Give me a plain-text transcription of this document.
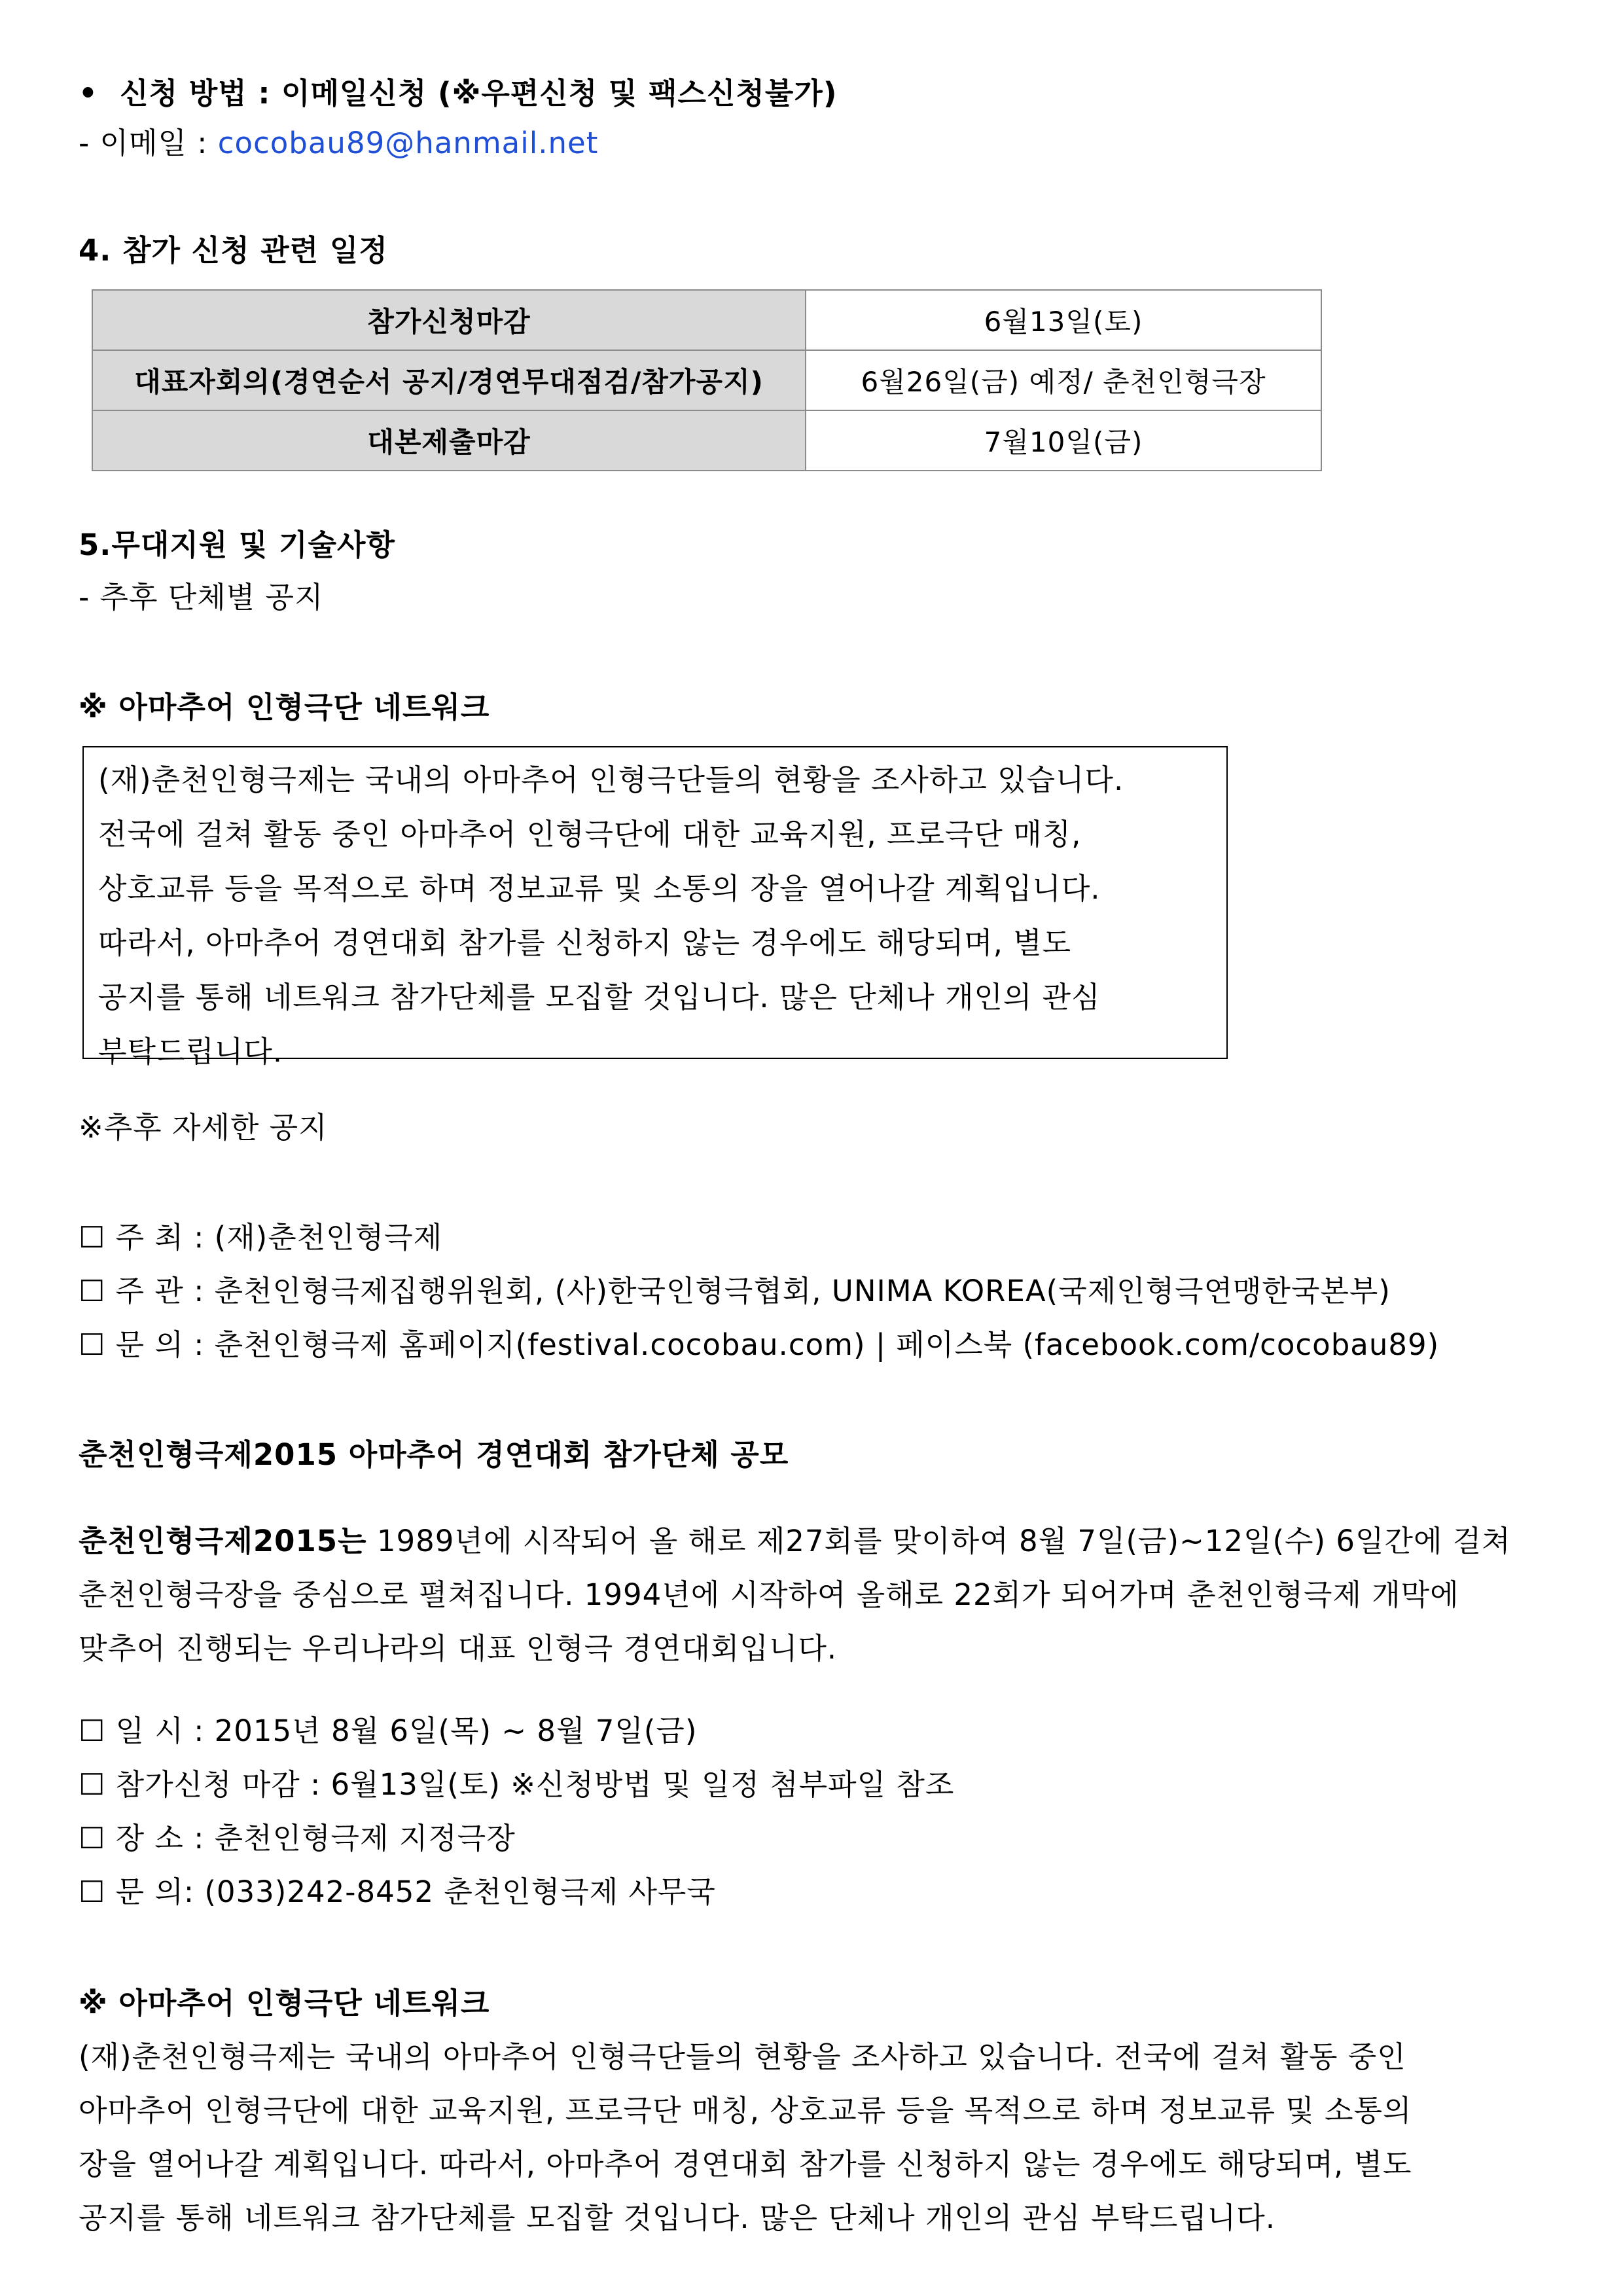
• 신청 방법 : 이메일신청 (※우편신청 및 팩스신청불가)
- 이메일 : cocobau89@hanmail.net
4. 참가 신청 관련 일정
참가신청마감	6월13일(토)
대표자회의(경연순서 공지/경연무대점검/참가공지)	6월26일(금) 예정/ 춘천인형극장
대본제출마감	7월10일(금)
5.무대지원 및 기술사항
- 추후 단체별 공지
※ 아마추어 인형극단 네트워크

(재)춘천인형극제는 국내의 아마추어 인형극단들의 현황을 조사하고 있습니다.

전국에 걸쳐 활동 중인 아마추어 인형극단에 대한 교육지원, 프로극단 매칭,

상호교류 등을 목적으로 하며 정보교류 및 소통의 장을 열어나갈 계획입니다.

따라서, 아마추어 경연대회 참가를 신청하지 않는 경우에도 해당되며, 별도

공지를 통해 네트워크 참가단체를 모집할 것입니다. 많은 단체나 개인의 관심

부탁드립니다.

※추후 자세한 공지
☐ 주 최 : (재)춘천인형극제
☐ 주 관 : 춘천인형극제집행위원회, (사)한국인형극협회, UNIMA KOREA(국제인형극연맹한국본부)
☐ 문 의 : 춘천인형극제 홈페이지(festival.cocobau.com) | 페이스북 (facebook.com/cocobau89)
춘천인형극제2015 아마추어 경연대회 참가단체 공모
춘천인형극제2015는 1989년에 시작되어 올 해로 제27회를 맞이하여 8월 7일(금)~12일(수) 6일간에 걸쳐
춘천인형극장을 중심으로 펼쳐집니다. 1994년에 시작하여 올해로 22회가 되어가며 춘천인형극제 개막에
맞추어 진행되는 우리나라의 대표 인형극 경연대회입니다.
☐ 일 시 : 2015년 8월 6일(목) ~ 8월 7일(금)
☐ 참가신청 마감 : 6월13일(토) ※신청방법 및 일정 첨부파일 참조
☐ 장 소 : 춘천인형극제 지정극장
☐ 문 의: (033)242-8452 춘천인형극제 사무국
※ 아마추어 인형극단 네트워크

(재)춘천인형극제는 국내의 아마추어 인형극단들의 현황을 조사하고 있습니다. 전국에 걸쳐 활동 중인

아마추어 인형극단에 대한 교육지원, 프로극단 매칭, 상호교류 등을 목적으로 하며 정보교류 및 소통의

장을 열어나갈 계획입니다. 따라서, 아마추어 경연대회 참가를 신청하지 않는 경우에도 해당되며, 별도

공지를 통해 네트워크 참가단체를 모집할 것입니다. 많은 단체나 개인의 관심 부탁드립니다.
